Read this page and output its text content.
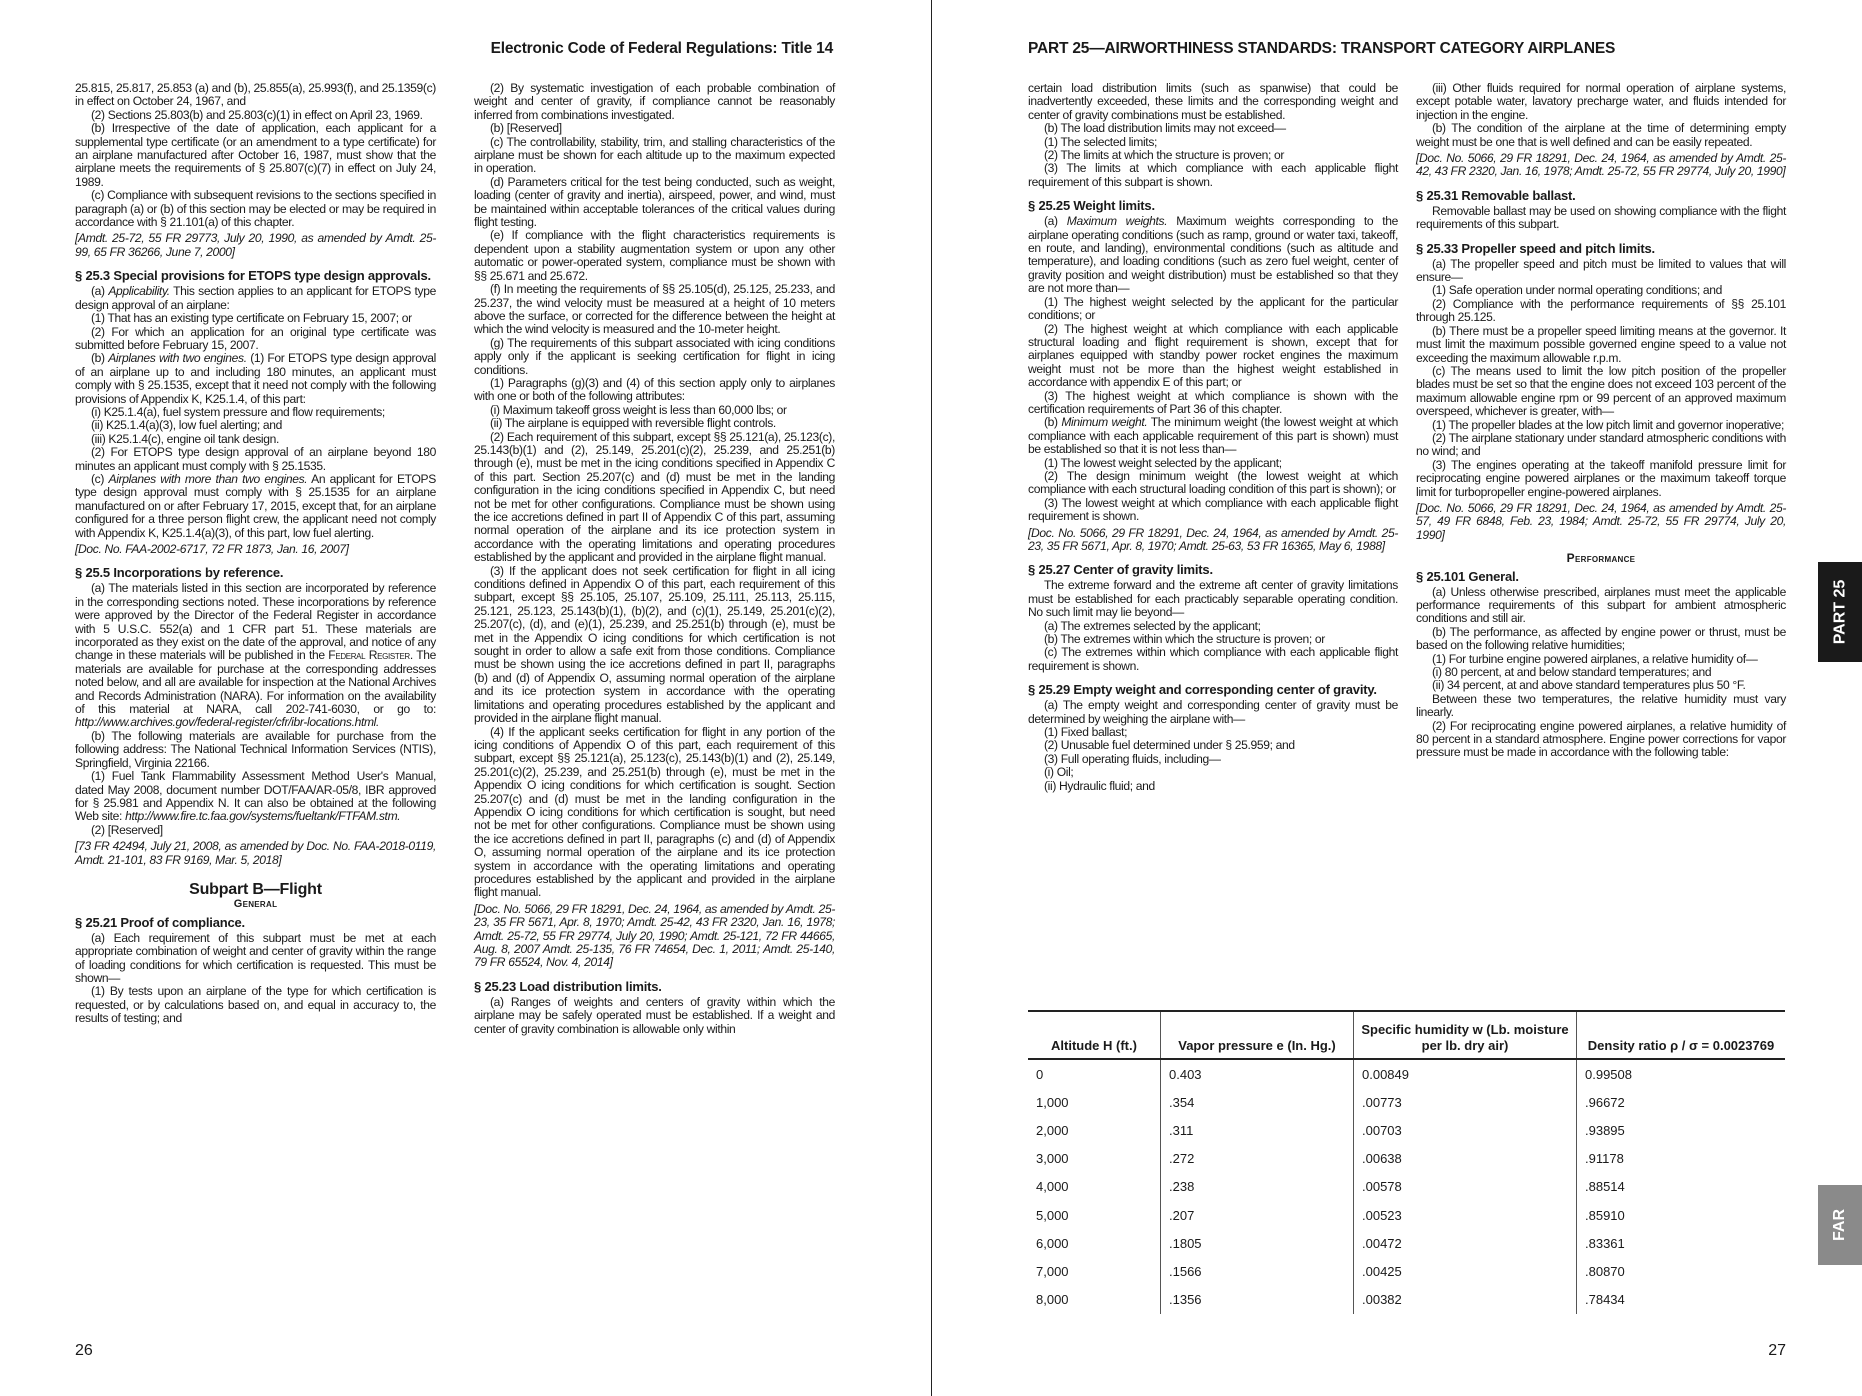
Electronic Code of Federal Regulations: Title 14

25.815, 25.817, 25.853 (a) and (b), 25.855(a), 25.993(f), and 25.1359(c) in effect on October 24, 1967, and

(2) Sections 25.803(b) and 25.803(c)(1) in effect on April 23, 1969.

(b) Irrespective of the date of application, each applicant for a supplemental type certificate (or an amendment to a type certificate) for an airplane manufactured after October 16, 1987, must show that the airplane meets the requirements of § 25.807(c)(7) in effect on July 24, 1989.

(c) Compliance with subsequent revisions to the sections specified in paragraph (a) or (b) of this section may be elected or may be required in accordance with § 21.101(a) of this chapter.

[Amdt. 25-72, 55 FR 29773, July 20, 1990, as amended by Amdt. 25-99, 65 FR 36266, June 7, 2000]

§ 25.3 Special provisions for ETOPS type design approvals.

(a) Applicability. This section applies to an applicant for ETOPS type design approval of an airplane:

(1) That has an existing type certificate on February 15, 2007; or

(2) For which an application for an original type certificate was submitted before February 15, 2007.

(b) Airplanes with two engines. (1) For ETOPS type design approval of an airplane up to and including 180 minutes, an applicant must comply with § 25.1535, except that it need not comply with the following provisions of Appendix K, K25.1.4, of this part:

(i) K25.1.4(a), fuel system pressure and flow requirements;

(ii) K25.1.4(a)(3), low fuel alerting; and

(iii) K25.1.4(c), engine oil tank design.

(2) For ETOPS type design approval of an airplane beyond 180 minutes an applicant must comply with § 25.1535.

(c) Airplanes with more than two engines. An applicant for ETOPS type design approval must comply with § 25.1535 for an airplane manufactured on or after February 17, 2015, except that, for an airplane configured for a three person flight crew, the applicant need not comply with Appendix K, K25.1.4(a)(3), of this part, low fuel alerting.

[Doc. No. FAA-2002-6717, 72 FR 1873, Jan. 16, 2007]

§ 25.5 Incorporations by reference.

(a) The materials listed in this section are incorporated by reference in the corresponding sections noted. These incorporations by reference were approved by the Director of the Federal Register in accordance with 5 U.S.C. 552(a) and 1 CFR part 51. These materials are incorporated as they exist on the date of the approval, and notice of any change in these materials will be published in the Federal Register. The materials are available for purchase at the corresponding addresses noted below, and all are available for inspection at the National Archives and Records Administration (NARA). For information on the availability of this material at NARA, call 202-741-6030, or go to: http://www.archives.gov/federal-register/cfr/ibr-locations.html.

(b) The following materials are available for purchase from the following address: The National Technical Information Services (NTIS), Springfield, Virginia 22166.

(1) Fuel Tank Flammability Assessment Method User's Manual, dated May 2008, document number DOT/FAA/AR-05/8, IBR approved for § 25.981 and Appendix N. It can also be obtained at the following Web site: http://www.fire.tc.faa.gov/systems/fueltank/FTFAM.stm.

(2) [Reserved]

[73 FR 42494, July 21, 2008, as amended by Doc. No. FAA-2018-0119, Amdt. 21-101, 83 FR 9169, Mar. 5, 2018]

Subpart B—Flight
General
§ 25.21 Proof of compliance.

(a) Each requirement of this subpart must be met at each appropriate combination of weight and center of gravity within the range of loading conditions for which certification is requested. This must be shown—

(1) By tests upon an airplane of the type for which certification is requested, or by calculations based on, and equal in accuracy to, the results of testing; and

(2) By systematic investigation of each probable combination of weight and center of gravity, if compliance cannot be reasonably inferred from combinations investigated.

(b) [Reserved]

(c) The controllability, stability, trim, and stalling characteristics of the airplane must be shown for each altitude up to the maximum expected in operation.

(d) Parameters critical for the test being conducted, such as weight, loading (center of gravity and inertia), airspeed, power, and wind, must be maintained within acceptable tolerances of the critical values during flight testing.

(e) If compliance with the flight characteristics requirements is dependent upon a stability augmentation system or upon any other automatic or power-operated system, compliance must be shown with §§ 25.671 and 25.672.

(f) In meeting the requirements of §§ 25.105(d), 25.125, 25.233, and 25.237, the wind velocity must be measured at a height of 10 meters above the surface, or corrected for the difference between the height at which the wind velocity is measured and the 10-meter height.

(g) The requirements of this subpart associated with icing conditions apply only if the applicant is seeking certification for flight in icing conditions.

(1) Paragraphs (g)(3) and (4) of this section apply only to airplanes with one or both of the following attributes:

(i) Maximum takeoff gross weight is less than 60,000 lbs; or

(ii) The airplane is equipped with reversible flight controls.

(2) Each requirement of this subpart, except §§ 25.121(a), 25.123(c), 25.143(b)(1) and (2), 25.149, 25.201(c)(2), 25.239, and 25.251(b) through (e), must be met in the icing conditions specified in Appendix C of this part. Section 25.207(c) and (d) must be met in the landing configuration in the icing conditions specified in Appendix C, but need not be met for other configurations. Compliance must be shown using the ice accretions defined in part II of Appendix C of this part, assuming normal operation of the airplane and its ice protection system in accordance with the operating limitations and operating procedures established by the applicant and provided in the airplane flight manual.

(3) If the applicant does not seek certification for flight in all icing conditions defined in Appendix O of this part, each requirement of this subpart, except §§ 25.105, 25.107, 25.109, 25.111, 25.113, 25.115, 25.121, 25.123, 25.143(b)(1), (b)(2), and (c)(1), 25.149, 25.201(c)(2), 25.207(c), (d), and (e)(1), 25.239, and 25.251(b) through (e), must be met in the Appendix O icing conditions for which certification is not sought in order to allow a safe exit from those conditions. Compliance must be shown using the ice accretions defined in part II, paragraphs (b) and (d) of Appendix O, assuming normal operation of the airplane and its ice protection system in accordance with the operating limitations and operating procedures established by the applicant and provided in the airplane flight manual.

(4) If the applicant seeks certification for flight in any portion of the icing conditions of Appendix O of this part, each requirement of this subpart, except §§ 25.121(a), 25.123(c), 25.143(b)(1) and (2), 25.149, 25.201(c)(2), 25.239, and 25.251(b) through (e), must be met in the Appendix O icing conditions for which certification is sought. Section 25.207(c) and (d) must be met in the landing configuration in the Appendix O icing conditions for which certification is sought, but need not be met for other configurations. Compliance must be shown using the ice accretions defined in part II, paragraphs (c) and (d) of Appendix O, assuming normal operation of the airplane and its ice protection system in accordance with the operating limitations and operating procedures established by the applicant and provided in the airplane flight manual.

[Doc. No. 5066, 29 FR 18291, Dec. 24, 1964, as amended by Amdt. 25-23, 35 FR 5671, Apr. 8, 1970; Amdt. 25-42, 43 FR 2320, Jan. 16, 1978; Amdt. 25-72, 55 FR 29774, July 20, 1990; Amdt. 25-121, 72 FR 44665, Aug. 8, 2007 Amdt. 25-135, 76 FR 74654, Dec. 1, 2011; Amdt. 25-140, 79 FR 65524, Nov. 4, 2014]

§ 25.23 Load distribution limits.

(a) Ranges of weights and centers of gravity within which the airplane may be safely operated must be established. If a weight and center of gravity combination is allowable only within

26
PART 25—AIRWORTHINESS STANDARDS: TRANSPORT CATEGORY AIRPLANES

certain load distribution limits (such as spanwise) that could be inadvertently exceeded, these limits and the corresponding weight and center of gravity combinations must be established.

(b) The load distribution limits may not exceed—

(1) The selected limits;

(2) The limits at which the structure is proven; or

(3) The limits at which compliance with each applicable flight requirement of this subpart is shown.

§ 25.25 Weight limits.

(a) Maximum weights. Maximum weights corresponding to the airplane operating conditions (such as ramp, ground or water taxi, takeoff, en route, and landing), environmental conditions (such as altitude and temperature), and loading conditions (such as zero fuel weight, center of gravity position and weight distribution) must be established so that they are not more than—

(1) The highest weight selected by the applicant for the particular conditions; or

(2) The highest weight at which compliance with each applicable structural loading and flight requirement is shown, except that for airplanes equipped with standby power rocket engines the maximum weight must not be more than the highest weight established in accordance with appendix E of this part; or

(3) The highest weight at which compliance is shown with the certification requirements of Part 36 of this chapter.

(b) Minimum weight. The minimum weight (the lowest weight at which compliance with each applicable requirement of this part is shown) must be established so that it is not less than—

(1) The lowest weight selected by the applicant;

(2) The design minimum weight (the lowest weight at which compliance with each structural loading condition of this part is shown); or

(3) The lowest weight at which compliance with each applicable flight requirement is shown.

[Doc. No. 5066, 29 FR 18291, Dec. 24, 1964, as amended by Amdt. 25-23, 35 FR 5671, Apr. 8, 1970; Amdt. 25-63, 53 FR 16365, May 6, 1988]

§ 25.27 Center of gravity limits.

The extreme forward and the extreme aft center of gravity limitations must be established for each practicably separable operating condition. No such limit may lie beyond—

(a) The extremes selected by the applicant;

(b) The extremes within which the structure is proven; or

(c) The extremes within which compliance with each applicable flight requirement is shown.

§ 25.29 Empty weight and corresponding center of gravity.

(a) The empty weight and corresponding center of gravity must be determined by weighing the airplane with—

(1) Fixed ballast;

(2) Unusable fuel determined under § 25.959; and

(3) Full operating fluids, including—

(i) Oil;

(ii) Hydraulic fluid; and

(iii) Other fluids required for normal operation of airplane systems, except potable water, lavatory precharge water, and fluids intended for injection in the engine.

(b) The condition of the airplane at the time of determining empty weight must be one that is well defined and can be easily repeated.

[Doc. No. 5066, 29 FR 18291, Dec. 24, 1964, as amended by Amdt. 25-42, 43 FR 2320, Jan. 16, 1978; Amdt. 25-72, 55 FR 29774, July 20, 1990]

§ 25.31 Removable ballast.

Removable ballast may be used on showing compliance with the flight requirements of this subpart.

§ 25.33 Propeller speed and pitch limits.

(a) The propeller speed and pitch must be limited to values that will ensure—

(1) Safe operation under normal operating conditions; and

(2) Compliance with the performance requirements of §§ 25.101 through 25.125.

(b) There must be a propeller speed limiting means at the governor. It must limit the maximum possible governed engine speed to a value not exceeding the maximum allowable r.p.m.

(c) The means used to limit the low pitch position of the propeller blades must be set so that the engine does not exceed 103 percent of the maximum allowable engine rpm or 99 percent of an approved maximum overspeed, whichever is greater, with—

(1) The propeller blades at the low pitch limit and governor inoperative;

(2) The airplane stationary under standard atmospheric conditions with no wind; and

(3) The engines operating at the takeoff manifold pressure limit for reciprocating engine powered airplanes or the maximum takeoff torque limit for turbopropeller engine-powered airplanes.

[Doc. No. 5066, 29 FR 18291, Dec. 24, 1964, as amended by Amdt. 25-57, 49 FR 6848, Feb. 23, 1984; Amdt. 25-72, 55 FR 29774, July 20, 1990]

Performance
§ 25.101 General.

(a) Unless otherwise prescribed, airplanes must meet the applicable performance requirements of this subpart for ambient atmospheric conditions and still air.

(b) The performance, as affected by engine power or thrust, must be based on the following relative humidities;

(1) For turbine engine powered airplanes, a relative humidity of—

(i) 80 percent, at and below standard temperatures; and

(ii) 34 percent, at and above standard temperatures plus 50 °F.

Between these two temperatures, the relative humidity must vary linearly.

(2) For reciprocating engine powered airplanes, a relative humidity of 80 percent in a standard atmosphere. Engine power corrections for vapor pressure must be made in accordance with the following table:

Altitude H (ft.)	Vapor pressure e (In. Hg.)	Specific humidity w (Lb. moisture per lb. dry air)	Density ratio ρ / σ = 0.0023769
0	0.403	0.00849	0.99508
1,000	.354	.00773	.96672
2,000	.311	.00703	.93895
3,000	.272	.00638	.91178
4,000	.238	.00578	.88514
5,000	.207	.00523	.85910
6,000	.1805	.00472	.83361
7,000	.1566	.00425	.80870
8,000	.1356	.00382	.78434
PART 25
FAR
27
